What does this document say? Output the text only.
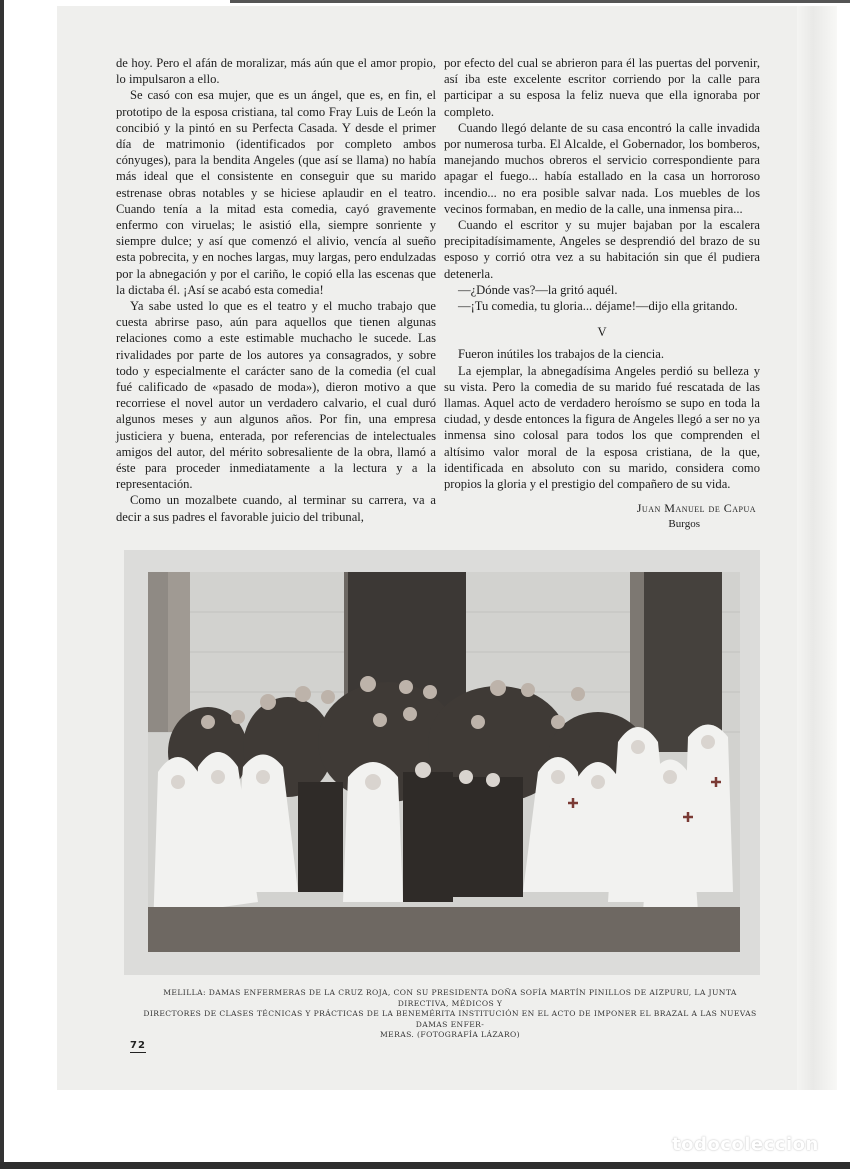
de hoy. Pero el afán de moralizar, más aún que el amor propio, lo impulsaron a ello.

Se casó con esa mujer, que es un ángel, que es, en fin, el prototipo de la esposa cristiana, tal como Fray Luis de León la concibió y la pintó en su Perfecta Casada. Y desde el primer día de matrimonio (identificados por completo ambos cónyuges), para la bendita Angeles (que así se llama) no había más ideal que el consistente en conseguir que su marido estrenase obras notables y se hiciese aplaudir en el teatro. Cuando tenía a la mitad esta comedia, cayó gravemente enfermo con viruelas; le asistió ella, siempre sonriente y siempre dulce; y así que comenzó el alivio, vencía al sueño esta pobrecita, y en noches largas, muy largas, pero endulzadas por la abnegación y por el cariño, le copió ella las escenas que la dictaba él. ¡Así se acabó esta comedia!

Ya sabe usted lo que es el teatro y el mucho trabajo que cuesta abrirse paso, aún para aquellos que tienen algunas relaciones como a este estimable muchacho le sucede. Las rivalidades por parte de los autores ya consagrados, y sobre todo y especialmente el carácter sano de la comedia (el cual fué calificado de «pasado de moda»), dieron motivo a que recorriese el novel autor un verdadero calvario, el cual duró algunos meses y aun algunos años. Por fin, una empresa justiciera y buena, enterada, por referencias de intelectuales amigos del autor, del mérito sobresaliente de la obra, llamó a éste para proceder inmediatamente a la lectura y a la representación.

Como un mozalbete cuando, al terminar su carrera, va a decir a sus padres el favorable juicio del tribunal,

por efecto del cual se abrieron para él las puertas del porvenir, así iba este excelente escritor corriendo por la calle para participar a su esposa la feliz nueva que ella ignoraba por completo.

Cuando llegó delante de su casa encontró la calle invadida por numerosa turba. El Alcalde, el Gobernador, los bomberos, manejando muchos obreros el servicio correspondiente para apagar el fuego... había estallado en la casa un horroroso incendio... no era posible salvar nada. Los muebles de los vecinos formaban, en medio de la calle, una inmensa pira...

Cuando el escritor y su mujer bajaban por la escalera precipitadísimamente, Angeles se desprendió del brazo de su esposo y corrió otra vez a su habitación sin que él pudiera detenerla.

—¿Dónde vas?—la gritó aquél.

—¡Tu comedia, tu gloria... déjame!—dijo ella gritando.

V

Fueron inútiles los trabajos de la ciencia.

La ejemplar, la abnegadísima Angeles perdió su belleza y su vista. Pero la comedia de su marido fué rescatada de las llamas. Aquel acto de verdadero heroísmo se supo en toda la ciudad, y desde entonces la figura de Angeles llegó a ser no ya inmensa sino colosal para todos los que comprenden el altísimo valor moral de la esposa cristiana, de la que, identificada en absoluto con su marido, considera como propios la gloria y el prestigio del compañero de su vida.

Juan Manuel de Capua

Burgos

MELILLA: DAMAS ENFERMERAS DE LA CRUZ ROJA, CON SU PRESIDENTA DOÑA SOFÍA MARTÍN PINILLOS DE AIZPURU, LA JUNTA DIRECTIVA, MÉDICOS Y
DIRECTORES DE CLASES TÉCNICAS Y PRÁCTICAS DE LA BENEMÉRITA INSTITUCIÓN EN EL ACTO DE IMPONER EL BRAZAL A LAS NUEVAS DAMAS ENFER-
MERAS. (FOTOGRAFÍA LÁZARO)
72
todocoleccion
